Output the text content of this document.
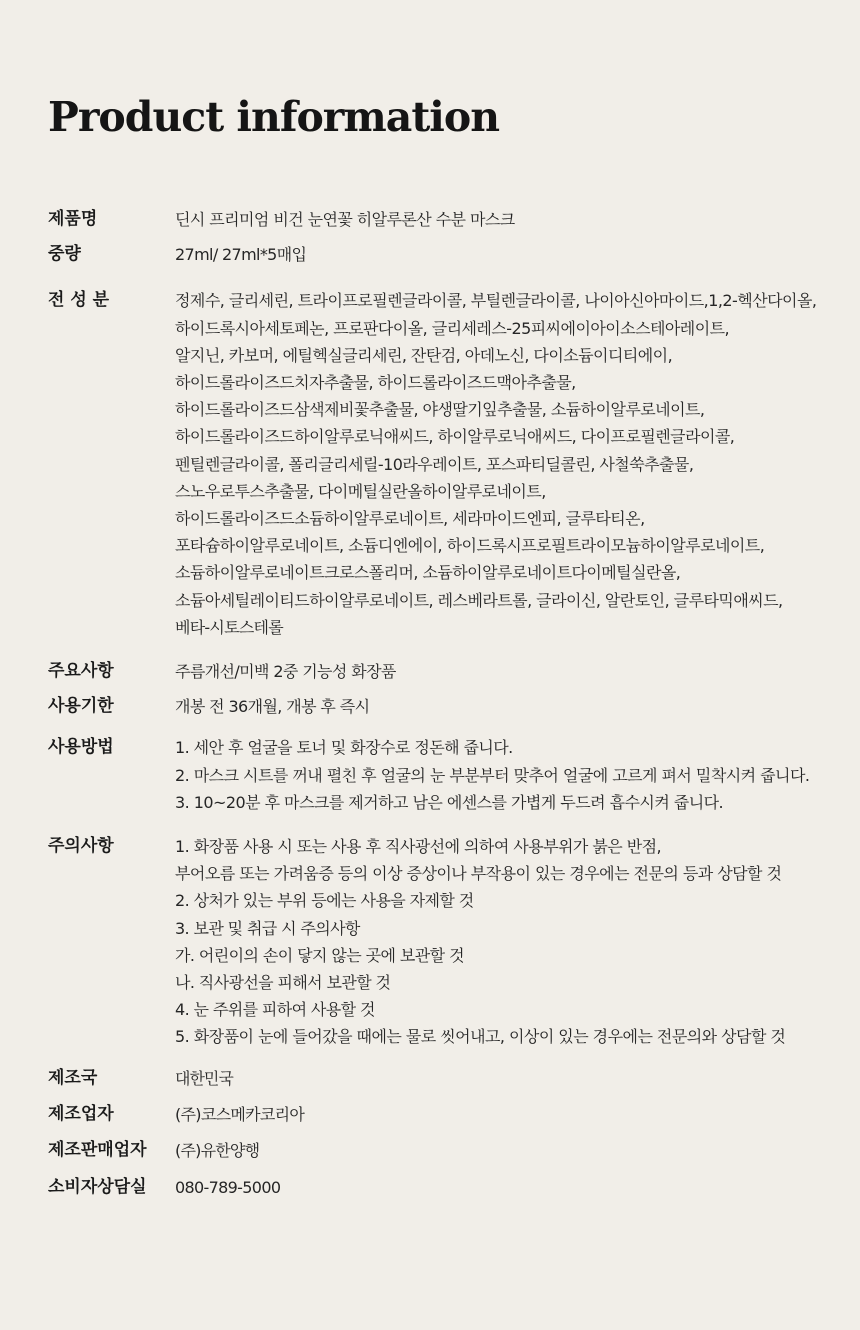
Product information
제품명	딘시 프리미엄 비건 눈연꽃 히알루론산 수분 마스크
중량	27ml/ 27ml*5매입
전 성 분	정제수, 글리세린, 트라이프로필렌글라이콜, 부틸렌글라이콜, 나이아신아마이드,1,2-헥산다이올,
하이드록시아세토페논, 프로판다이올, 글리세레스-25피씨에이아이소스테아레이트,
알지닌, 카보머, 에틸헥실글리세린, 잔탄검, 아데노신, 다이소듐이디티에이,
하이드롤라이즈드치자추출물, 하이드롤라이즈드맥아추출물,
하이드롤라이즈드삼색제비꽃추출물, 야생딸기잎추출물, 소듐하이알루로네이트,
하이드롤라이즈드하이알루로닉애씨드, 하이알루로닉애씨드, 다이프로필렌글라이콜,
펜틸렌글라이콜, 폴리글리세릴-10라우레이트, 포스파티딜콜린, 사철쑥추출물,
스노우로투스추출물, 다이메틸실란올하이알루로네이트,
하이드롤라이즈드소듐하이알루로네이트, 세라마이드엔피, 글루타티온,
포타슘하이알루로네이트, 소듐디엔에이, 하이드록시프로필트라이모늄하이알루로네이트,
소듐하이알루로네이트크로스폴리머, 소듐하이알루로네이트다이메틸실란올,
소듐아세틸레이티드하이알루로네이트, 레스베라트롤, 글라이신, 알란토인, 글루타믹애씨드,
베타-시토스테롤
주요사항	주름개선/미백 2중 기능성 화장품
사용기한	개봉 전 36개월, 개봉 후 즉시
사용방법	1. 세안 후 얼굴을 토너 및 화장수로 정돈해 줍니다.
2. 마스크 시트를 꺼내 펼친 후 얼굴의 눈 부분부터 맞추어 얼굴에 고르게 펴서 밀착시켜 줍니다.
3. 10~20분 후 마스크를 제거하고 남은 에센스를 가볍게 두드려 흡수시켜 줍니다.
주의사항	1. 화장품 사용 시 또는 사용 후 직사광선에 의하여 사용부위가 붉은 반점,
부어오름 또는 가려움증 등의 이상 증상이나 부작용이 있는 경우에는 전문의 등과 상담할 것
2. 상처가 있는 부위 등에는 사용을 자제할 것
3. 보관 및 취급 시 주의사항
가. 어린이의 손이 닿지 않는 곳에 보관할 것
나. 직사광선을 피해서 보관할 것
4. 눈 주위를 피하여 사용할 것
5. 화장품이 눈에 들어갔을 때에는 물로 씻어내고, 이상이 있는 경우에는 전문의와 상담할 것
제조국	대한민국
제조업자	(주)코스메카코리아
제조판매업자	(주)유한양행
소비자상담실	080-789-5000
